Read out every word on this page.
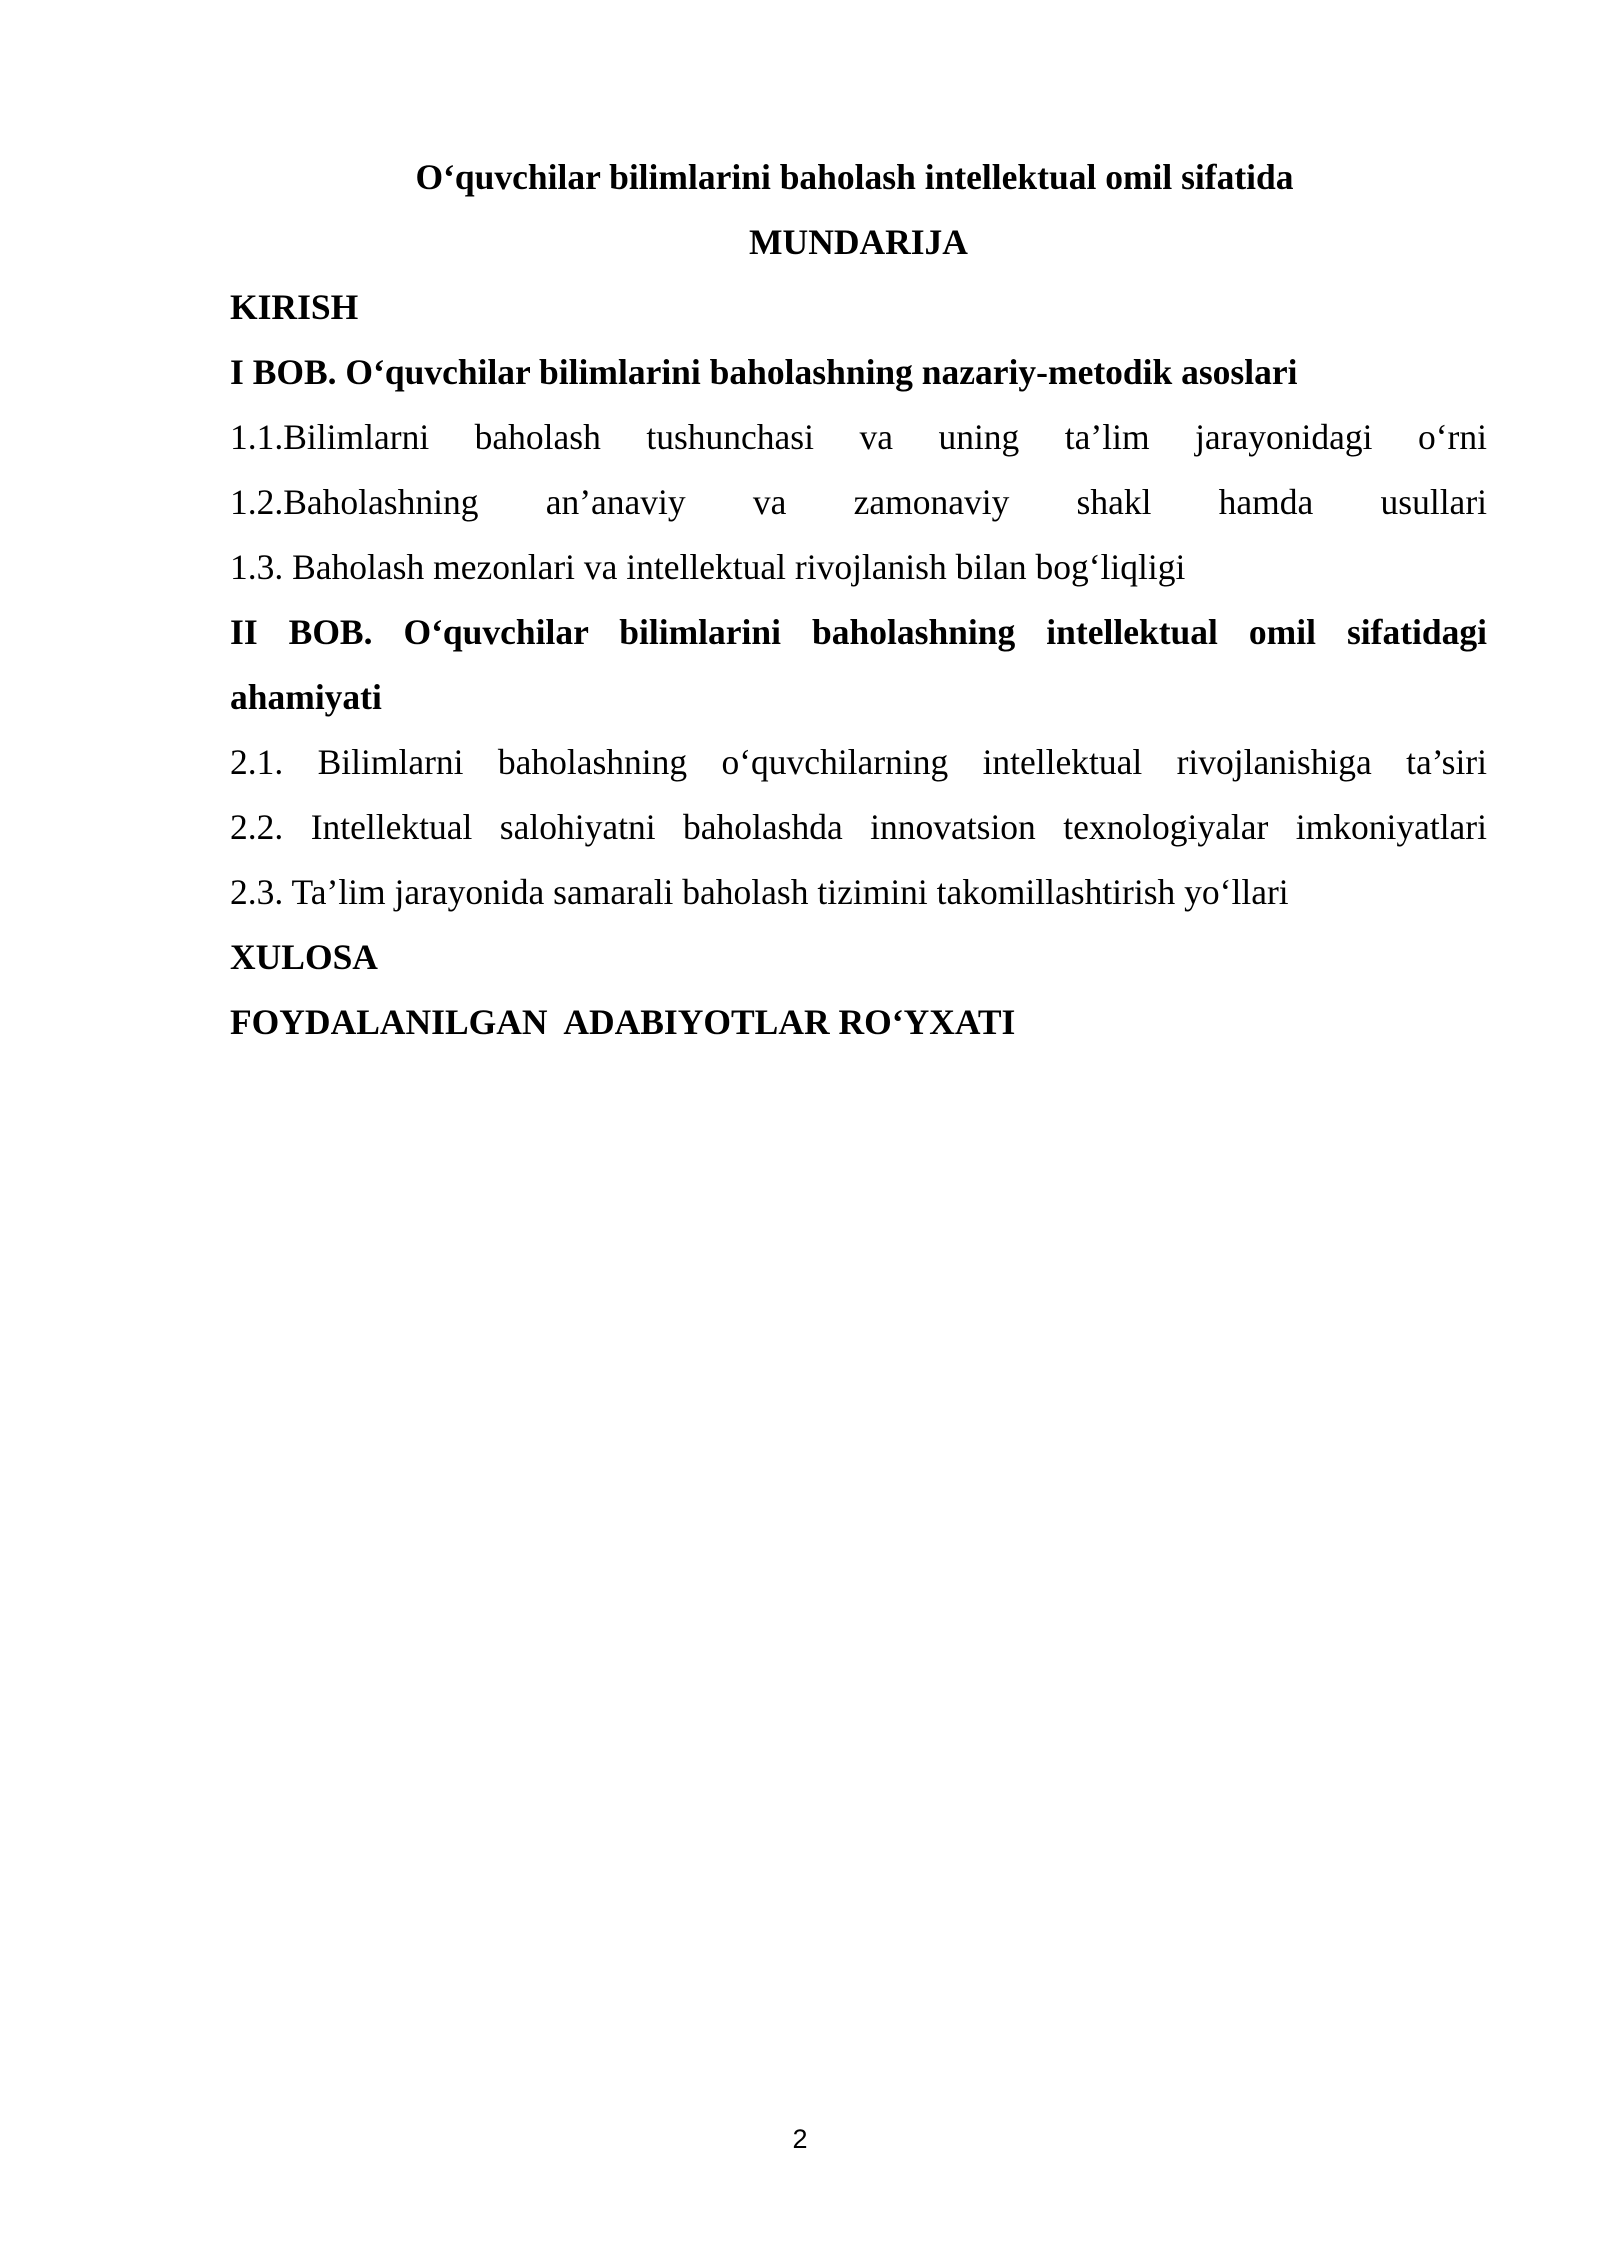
O‘quvchilar bilimlarini baholash intellektual omil sifatida
MUNDARIJA
KIRISH
I BOB. O‘quvchilar bilimlarini baholashning nazariy-metodik asoslari
1.1.Bilimlarni baholash tushunchasi va uning ta’lim jarayonidagi o‘rni
1.2.Baholashning an’anaviy va zamonaviy shakl hamda usullari
1.3. Baholash mezonlari va intellektual rivojlanish bilan bog‘liqligi
II BOB. O‘quvchilar bilimlarini baholashning intellektual omil sifatidagi ahamiyati
2.1. Bilimlarni baholashning o‘quvchilarning intellektual rivojlanishiga ta’siri
2.2. Intellektual salohiyatni baholashda innovatsion texnologiyalar imkoniyatlari
2.3. Ta’lim jarayonida samarali baholash tizimini takomillashtirish yo‘llari
XULOSA
FOYDALANILGAN  ADABIYOTLAR RO‘YXATI
2
